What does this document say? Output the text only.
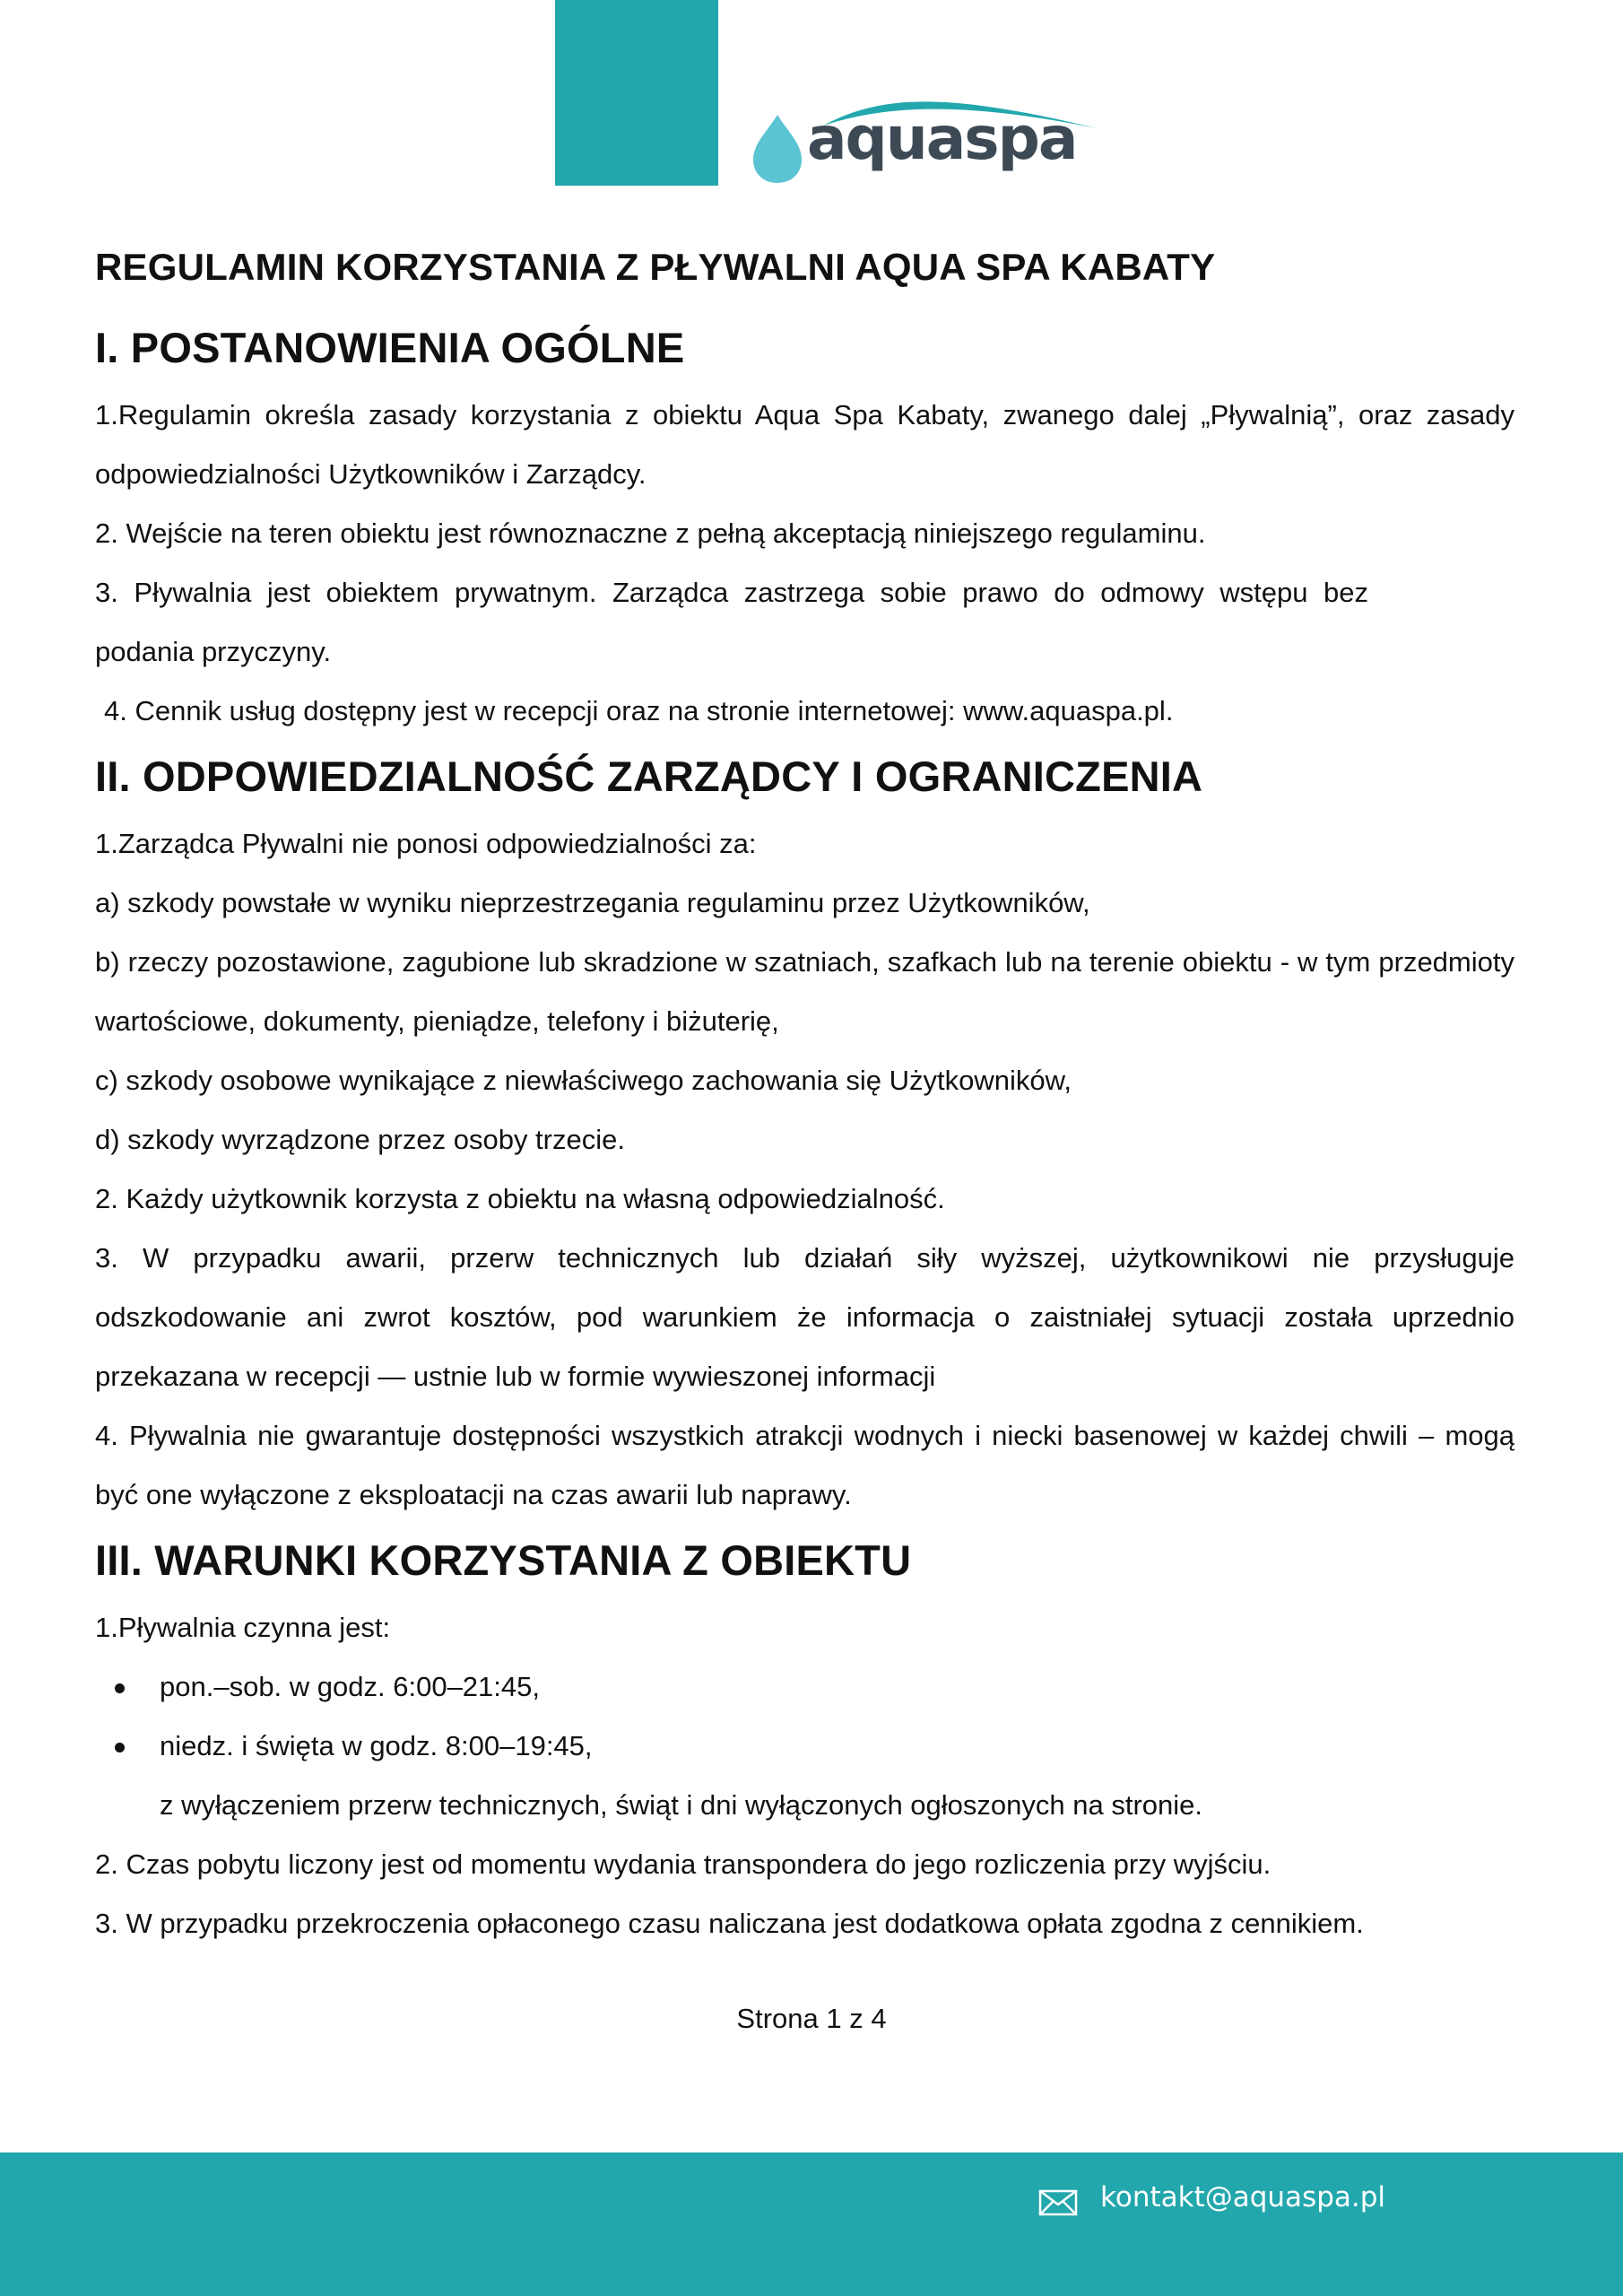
aquaspa
REGULAMIN KORZYSTANIA Z PŁYWALNI AQUA SPA KABATY
I. POSTANOWIENIA OGÓLNE

1.Regulamin określa zasady korzystania z obiektu Aqua Spa Kabaty, zwanego dalej „Pływalnią”, oraz zasady odpowiedzialności Użytkowników i Zarządcy.

2. Wejście na teren obiektu jest równoznaczne z pełną akceptacją niniejszego regulaminu.

3. Pływalnia jest obiektem prywatnym. Zarządca zastrzega sobie prawo do odmowy wstępu bez podania przyczyny.

4. Cennik usług dostępny jest w recepcji oraz na stronie internetowej: www.aquaspa.pl.

II. ODPOWIEDZIALNOŚĆ ZARZĄDCY I OGRANICZENIA

1.Zarządca Pływalni nie ponosi odpowiedzialności za:

a) szkody powstałe w wyniku nieprzestrzegania regulaminu przez Użytkowników,

b) rzeczy pozostawione, zagubione lub skradzione w szatniach, szafkach lub na terenie obiektu - w tym przedmioty wartościowe, dokumenty, pieniądze, telefony i biżuterię,

c) szkody osobowe wynikające z niewłaściwego zachowania się Użytkowników,

d) szkody wyrządzone przez osoby trzecie.

2. Każdy użytkownik korzysta z obiektu na własną odpowiedzialność.

3. W przypadku awarii, przerw technicznych lub działań siły wyższej, użytkownikowi nie przysługuje odszkodowanie ani zwrot kosztów, pod warunkiem że informacja o zaistniałej sytuacji została uprzednio przekazana w recepcji — ustnie lub w formie wywieszonej informacji

4. Pływalnia nie gwarantuje dostępności wszystkich atrakcji wodnych i niecki basenowej w każdej chwili – mogą być one wyłączone z eksploatacji na czas awarii lub naprawy.

III. WARUNKI KORZYSTANIA Z OBIEKTU

1.Pływalnia czynna jest:

pon.–sob. w godz. 6:00–21:45,

niedz. i święta w godz. 8:00–19:45,

z wyłączeniem przerw technicznych, świąt i dni wyłączonych ogłoszonych na stronie.

2. Czas pobytu liczony jest od momentu wydania transpondera do jego rozliczenia przy wyjściu.

3. W przypadku przekroczenia opłaconego czasu naliczana jest dodatkowa opłata zgodna z cennikiem.

Strona 1 z 4
kontakt@aquaspa.pl
